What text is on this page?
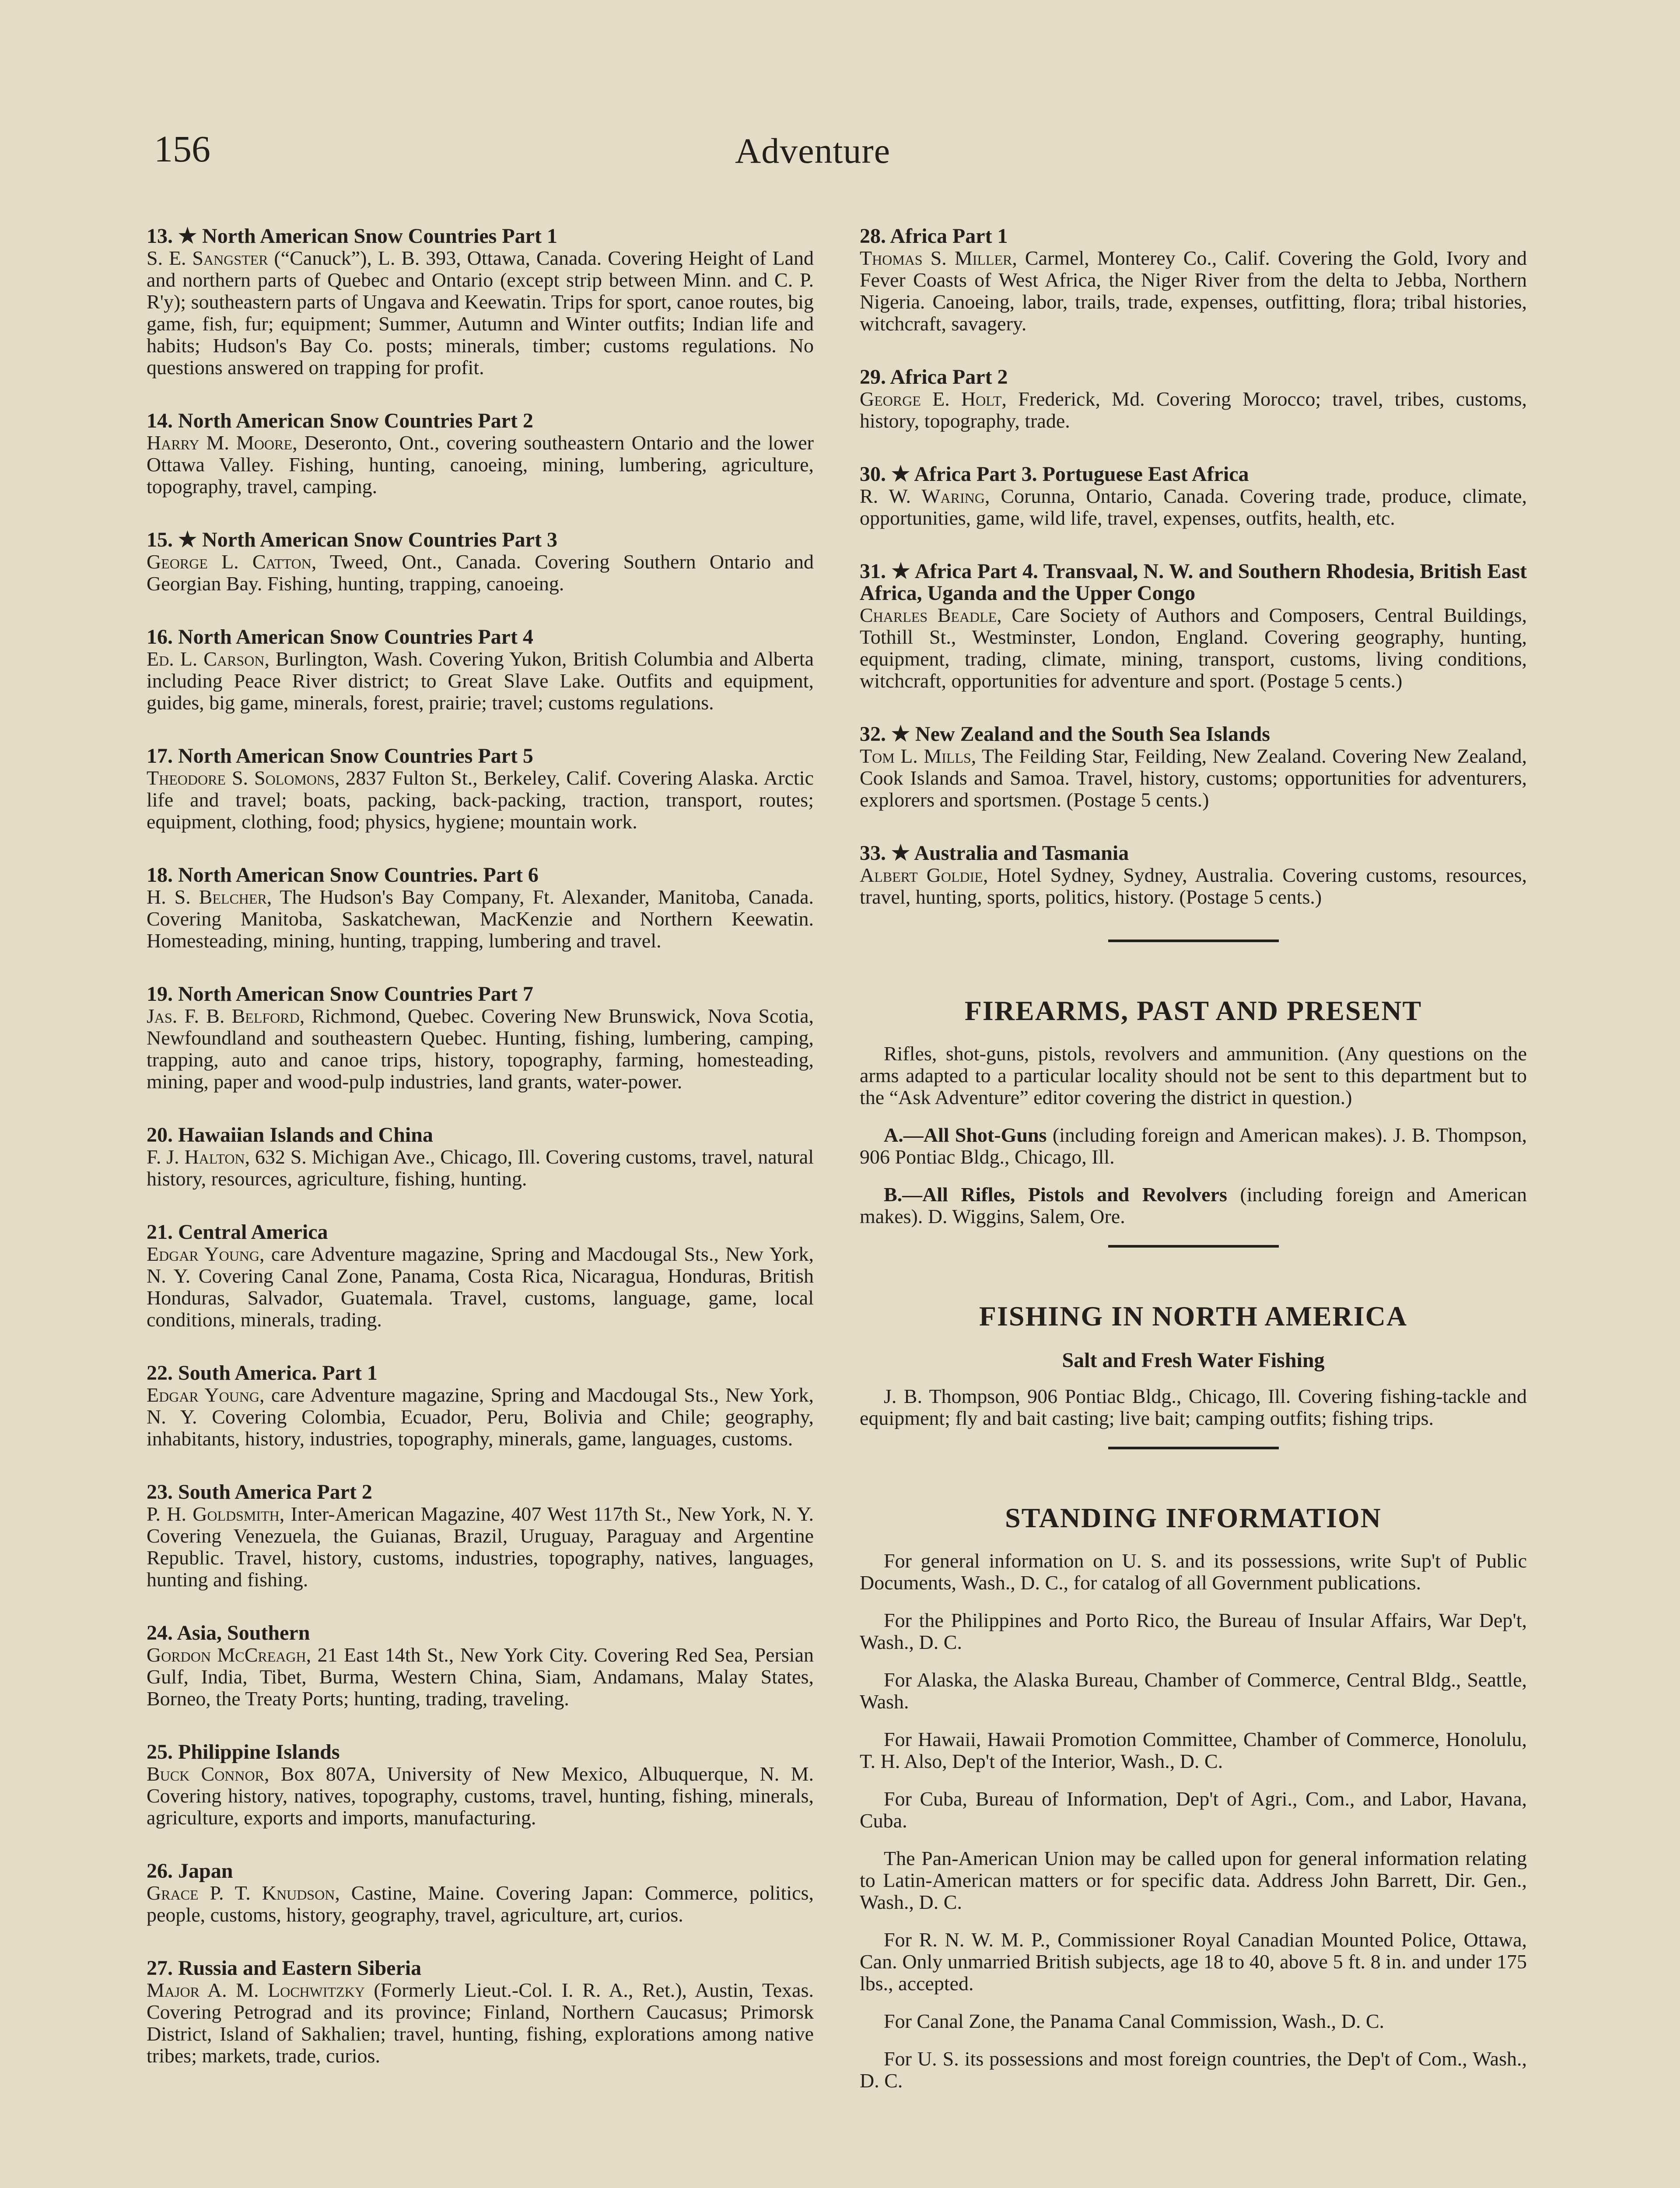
156	Adventure
13. ★ North American Snow Countries Part 1
S. E. Sangster (“Canuck”), L. B. 393, Ottawa, Canada. Covering Height of Land and northern parts of Quebec and Ontario (except strip between Minn. and C. P. R'y); southeastern parts of Ungava and Keewatin. Trips for sport, canoe routes, big game, fish, fur; equipment; Summer, Autumn and Winter outfits; Indian life and habits; Hudson's Bay Co. posts; minerals, timber; customs regulations. No questions answered on trapping for profit.
14. North American Snow Countries Part 2
Harry M. Moore, Deseronto, Ont., covering southeastern Ontario and the lower Ottawa Valley. Fishing, hunting, canoeing, mining, lumbering, agriculture, topography, travel, camping.
15. ★ North American Snow Countries Part 3
George L. Catton, Tweed, Ont., Canada. Covering Southern Ontario and Georgian Bay. Fishing, hunting, trapping, canoeing.
16. North American Snow Countries Part 4
Ed. L. Carson, Burlington, Wash. Covering Yukon, British Columbia and Alberta including Peace River district; to Great Slave Lake. Outfits and equipment, guides, big game, minerals, forest, prairie; travel; customs regulations.
17. North American Snow Countries Part 5
Theodore S. Solomons, 2837 Fulton St., Berkeley, Calif. Covering Alaska. Arctic life and travel; boats, packing, back-packing, traction, transport, routes; equipment, clothing, food; physics, hygiene; mountain work.
18. North American Snow Countries. Part 6
H. S. Belcher, The Hudson's Bay Company, Ft. Alexander, Manitoba, Canada. Covering Manitoba, Saskatchewan, MacKenzie and Northern Keewatin. Homesteading, mining, hunting, trapping, lumbering and travel.
19. North American Snow Countries Part 7
Jas. F. B. Belford, Richmond, Quebec. Covering New Brunswick, Nova Scotia, Newfoundland and southeastern Quebec. Hunting, fishing, lumbering, camping, trapping, auto and canoe trips, history, topography, farming, homesteading, mining, paper and wood-pulp industries, land grants, water-power.
20. Hawaiian Islands and China
F. J. Halton, 632 S. Michigan Ave., Chicago, Ill. Covering customs, travel, natural history, resources, agriculture, fishing, hunting.
21. Central America
Edgar Young, care Adventure magazine, Spring and Macdougal Sts., New York, N. Y. Covering Canal Zone, Panama, Costa Rica, Nicaragua, Honduras, British Honduras, Salvador, Guatemala. Travel, customs, language, game, local conditions, minerals, trading.
22. South America. Part 1
Edgar Young, care Adventure magazine, Spring and Macdougal Sts., New York, N. Y. Covering Colombia, Ecuador, Peru, Bolivia and Chile; geography, inhabitants, history, industries, topography, minerals, game, languages, customs.
23. South America Part 2
P. H. Goldsmith, Inter-American Magazine, 407 West 117th St., New York, N. Y. Covering Venezuela, the Guianas, Brazil, Uruguay, Paraguay and Argentine Republic. Travel, history, customs, industries, topography, natives, languages, hunting and fishing.
24. Asia, Southern
Gordon McCreagh, 21 East 14th St., New York City. Covering Red Sea, Persian Gulf, India, Tibet, Burma, Western China, Siam, Andamans, Malay States, Borneo, the Treaty Ports; hunting, trading, traveling.
25. Philippine Islands
Buck Connor, Box 807A, University of New Mexico, Albuquerque, N. M. Covering history, natives, topography, customs, travel, hunting, fishing, minerals, agriculture, exports and imports, manufacturing.
26. Japan
Grace P. T. Knudson, Castine, Maine. Covering Japan: Commerce, politics, people, customs, history, geography, travel, agriculture, art, curios.
27. Russia and Eastern Siberia
Major A. M. Lochwitzky (Formerly Lieut.-Col. I. R. A., Ret.), Austin, Texas. Covering Petrograd and its province; Finland, Northern Caucasus; Primorsk District, Island of Sakhalien; travel, hunting, fishing, explorations among native tribes; markets, trade, curios.
28. Africa Part 1
Thomas S. Miller, Carmel, Monterey Co., Calif. Covering the Gold, Ivory and Fever Coasts of West Africa, the Niger River from the delta to Jebba, Northern Nigeria. Canoeing, labor, trails, trade, expenses, outfitting, flora; tribal histories, witchcraft, savagery.
29. Africa Part 2
George E. Holt, Frederick, Md. Covering Morocco; travel, tribes, customs, history, topography, trade.
30. ★ Africa Part 3. Portuguese East Africa
R. W. Waring, Corunna, Ontario, Canada. Covering trade, produce, climate, opportunities, game, wild life, travel, expenses, outfits, health, etc.
31. ★ Africa Part 4. Transvaal, N. W. and Southern Rhodesia, British East Africa, Uganda and the Upper Congo
Charles Beadle, Care Society of Authors and Composers, Central Buildings, Tothill St., Westminster, London, England. Covering geography, hunting, equipment, trading, climate, mining, transport, customs, living conditions, witchcraft, opportunities for adventure and sport. (Postage 5 cents.)
32. ★ New Zealand and the South Sea Islands
Tom L. Mills, The Feilding Star, Feilding, New Zealand. Covering New Zealand, Cook Islands and Samoa. Travel, history, customs; opportunities for adventurers, explorers and sportsmen. (Postage 5 cents.)
33. ★ Australia and Tasmania
Albert Goldie, Hotel Sydney, Sydney, Australia. Covering customs, resources, travel, hunting, sports, politics, history. (Postage 5 cents.)
FIREARMS, PAST AND PRESENT
Rifles, shot-guns, pistols, revolvers and ammunition. (Any questions on the arms adapted to a particular locality should not be sent to this department but to the “Ask Adventure” editor covering the district in question.)
A.—All Shot-Guns (including foreign and American makes). J. B. Thompson, 906 Pontiac Bldg., Chicago, Ill.
B.—All Rifles, Pistols and Revolvers (including foreign and American makes). D. Wiggins, Salem, Ore.
FISHING IN NORTH AMERICA
Salt and Fresh Water Fishing
J. B. Thompson, 906 Pontiac Bldg., Chicago, Ill. Covering fishing-tackle and equipment; fly and bait casting; live bait; camping outfits; fishing trips.
STANDING INFORMATION
For general information on U. S. and its possessions, write Sup't of Public Documents, Wash., D. C., for catalog of all Government publications.
For the Philippines and Porto Rico, the Bureau of Insular Affairs, War Dep't, Wash., D. C.
For Alaska, the Alaska Bureau, Chamber of Commerce, Central Bldg., Seattle, Wash.
For Hawaii, Hawaii Promotion Committee, Chamber of Commerce, Honolulu, T. H. Also, Dep't of the Interior, Wash., D. C.
For Cuba, Bureau of Information, Dep't of Agri., Com., and Labor, Havana, Cuba.
The Pan-American Union may be called upon for general information relating to Latin-American matters or for specific data. Address John Barrett, Dir. Gen., Wash., D. C.
For R. N. W. M. P., Commissioner Royal Canadian Mounted Police, Ottawa, Can. Only unmarried British subjects, age 18 to 40, above 5 ft. 8 in. and under 175 lbs., accepted.
For Canal Zone, the Panama Canal Commission, Wash., D. C.
For U. S. its possessions and most foreign countries, the Dep't of Com., Wash., D. C.
